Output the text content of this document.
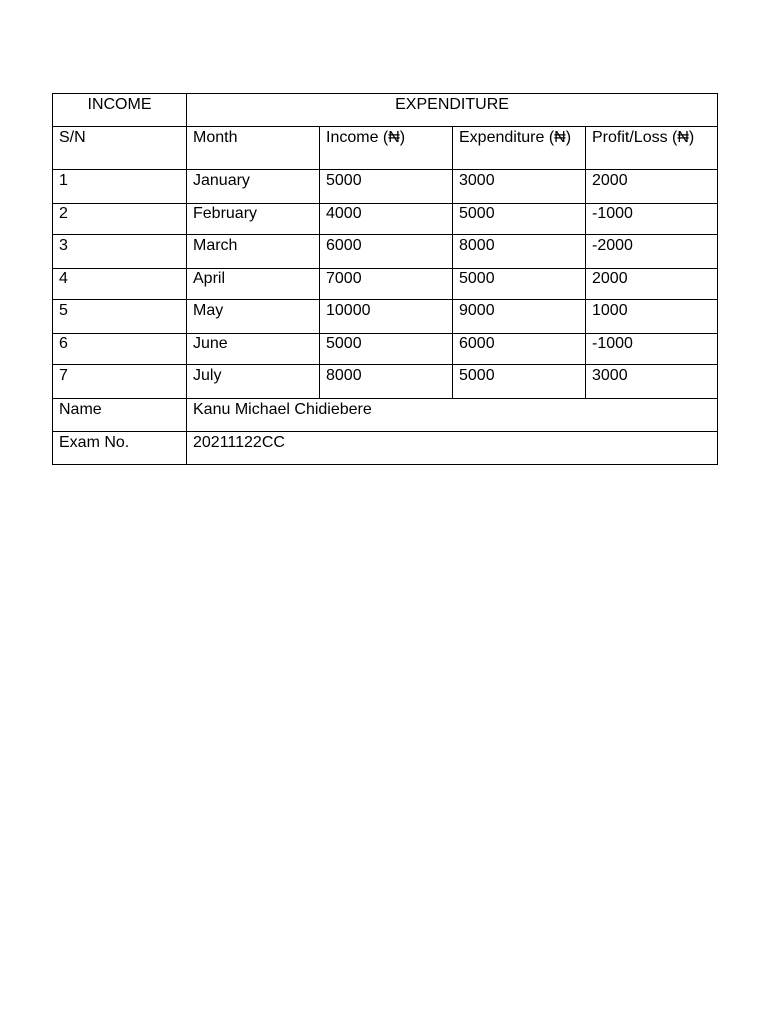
INCOME	EXPENDITURE			
S/N	Month	Income (₦)	Expenditure (₦)	Profit/Loss (₦)
1	January	5000	3000	2000
2	February	4000	5000	-1000
3	March	6000	8000	-2000
4	April	7000	5000	2000
5	May	10000	9000	1000
6	June	5000	6000	-1000
7	July	8000	5000	3000
Name	Kanu Michael Chidiebere			
Exam No.	20211122CC			
